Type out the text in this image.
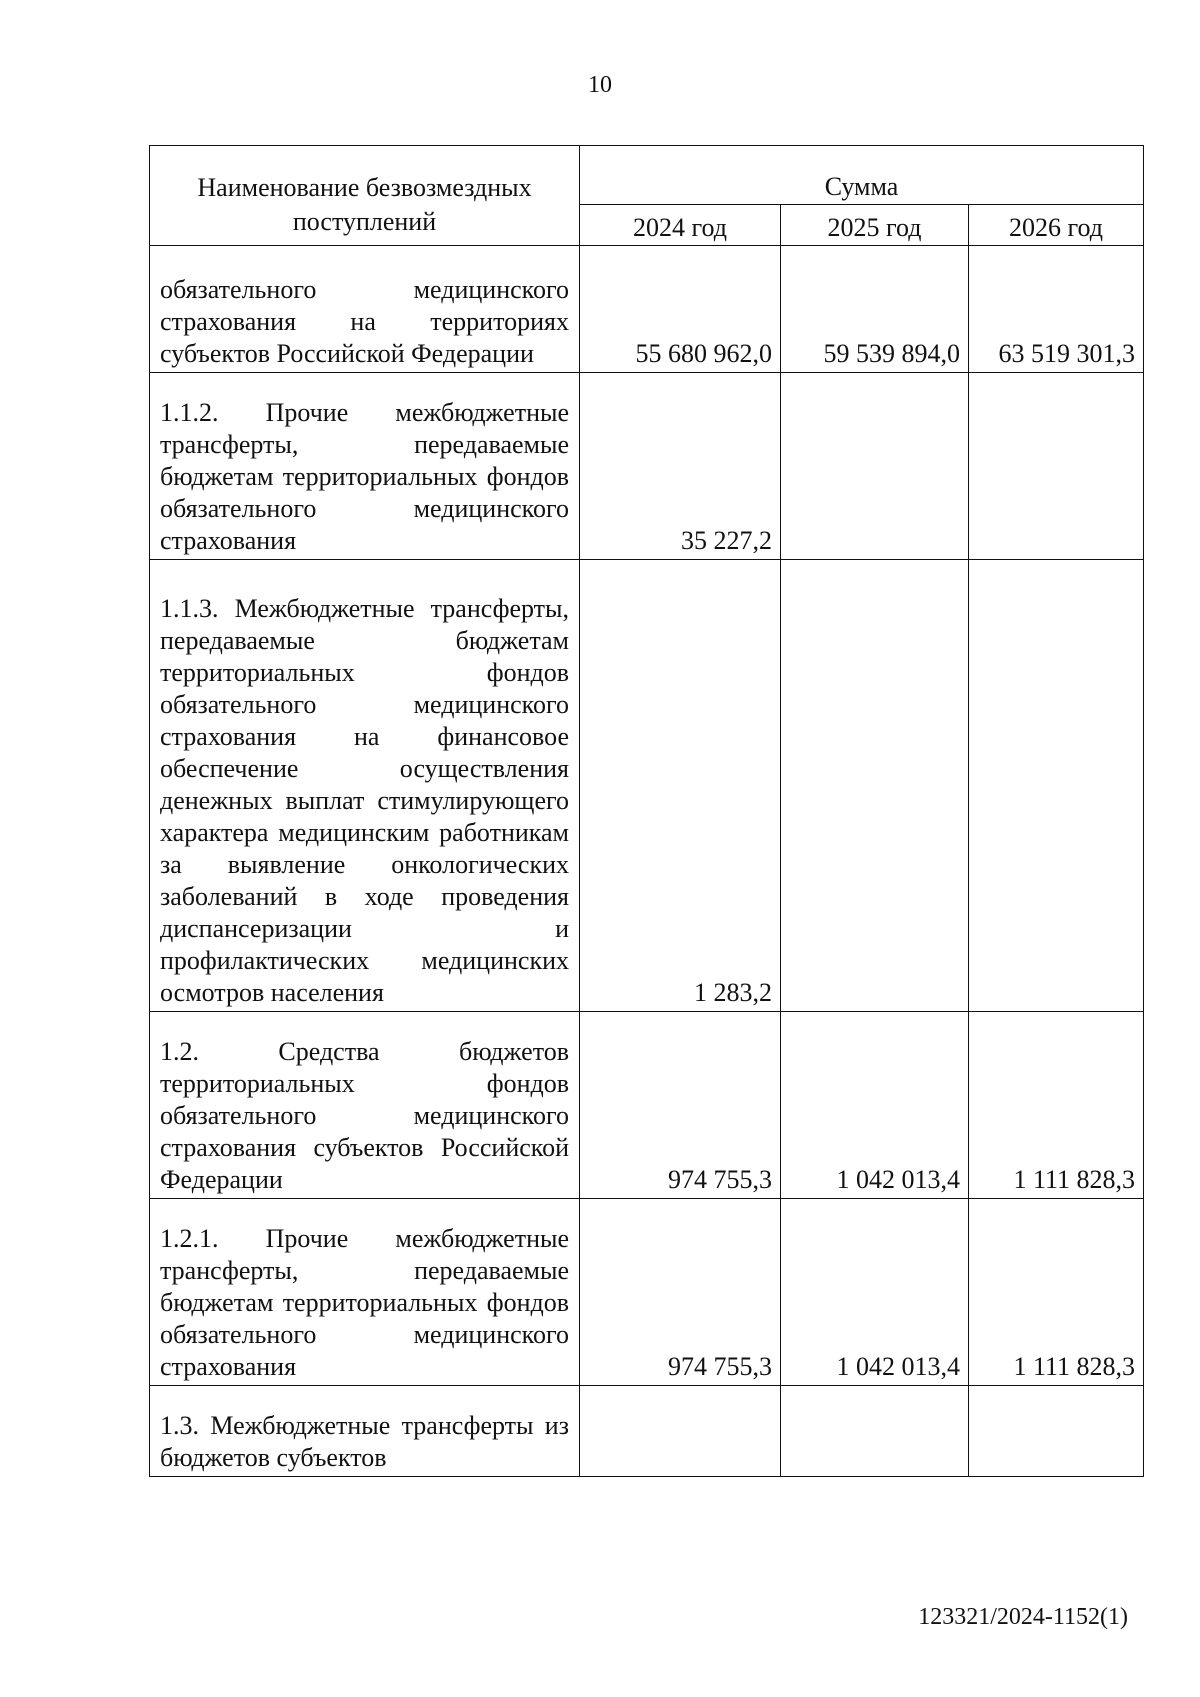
10
Наименование безвозмездных поступлений	Сумма		
	2024 год	2025 год	2026 год
обязательного медицинского страхования на территориях субъектов Российской Федерации	55 680 962,0	59 539 894,0	63 519 301,3
1.1.2. Прочие межбюджетные трансферты, передаваемые бюджетам территориальных фондов обязательного медицинского страхования	35 227,2		
1.1.3. Межбюджетные трансферты, передаваемые бюджетам территориальных фондов обязательного медицинского страхования на финансовое обеспечение осуществления денежных выплат стимулирующего характера медицинским работникам за выявление онкологических заболеваний в ходе проведения диспансеризации и профилактических медицинских осмотров населения	1 283,2		
1.2. Средства бюджетов территориальных фондов обязательного медицинского страхования субъектов Российской Федерации	974 755,3	1 042 013,4	1 111 828,3
1.2.1. Прочие межбюджетные трансферты, передаваемые бюджетам территориальных фондов обязательного медицинского страхования	974 755,3	1 042 013,4	1 111 828,3
1.3. Межбюджетные трансферты из бюджетов субъектов			
123321/2024-1152(1)
